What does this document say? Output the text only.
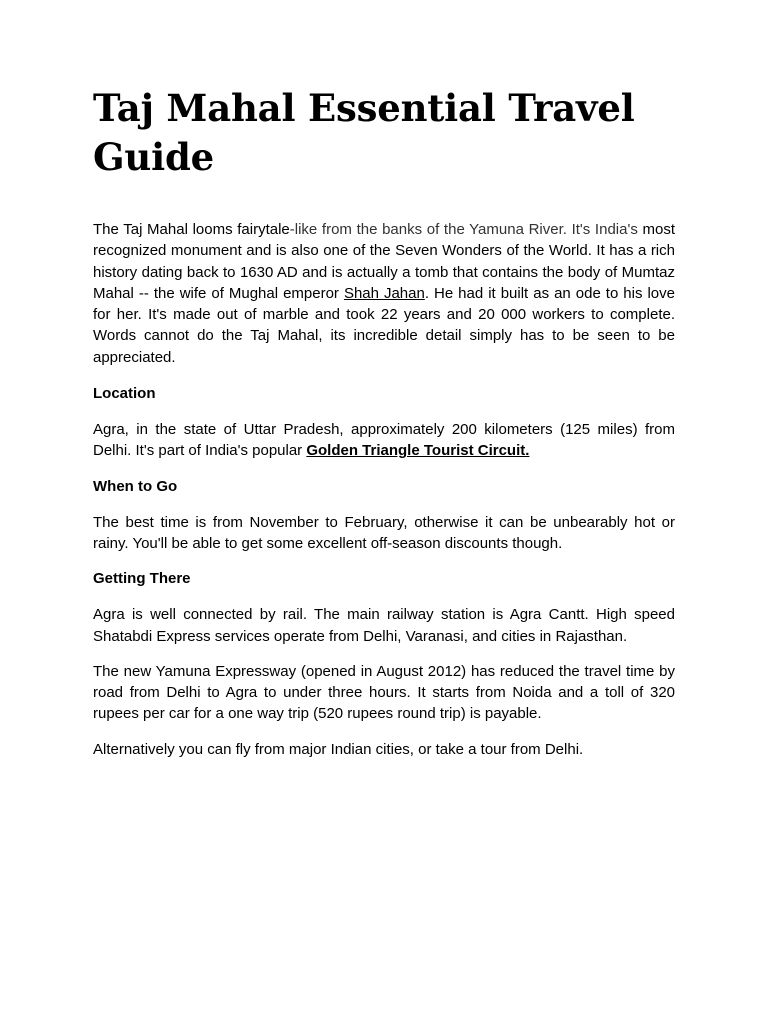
Taj Mahal Essential Travel Guide

The Taj Mahal looms fairytale-like from the banks of the Yamuna River. It's India's most recognized monument and is also one of the Seven Wonders of the World. It has a rich history dating back to 1630 AD and is actually a tomb that contains the body of Mumtaz Mahal -- the wife of Mughal emperor Shah Jahan. He had it built as an ode to his love for her. It's made out of marble and took 22 years and 20 000 workers to complete. Words cannot do the Taj Mahal, its incredible detail simply has to be seen to be appreciated.

Location

Agra, in the state of Uttar Pradesh, approximately 200 kilometers (125 miles) from Delhi. It's part of India's popular Golden Triangle Tourist Circuit.

When to Go

The best time is from November to February, otherwise it can be unbearably hot or rainy. You'll be able to get some excellent off-season discounts though.

Getting There

Agra is well connected by rail. The main railway station is Agra Cantt. High speed Shatabdi Express services operate from Delhi, Varanasi, and cities in Rajasthan.

The new Yamuna Expressway (opened in August 2012) has reduced the travel time by road from Delhi to Agra to under three hours. It starts from Noida and a toll of 320 rupees per car for a one way trip (520 rupees round trip) is payable.

Alternatively you can fly from major Indian cities, or take a tour from Delhi.
